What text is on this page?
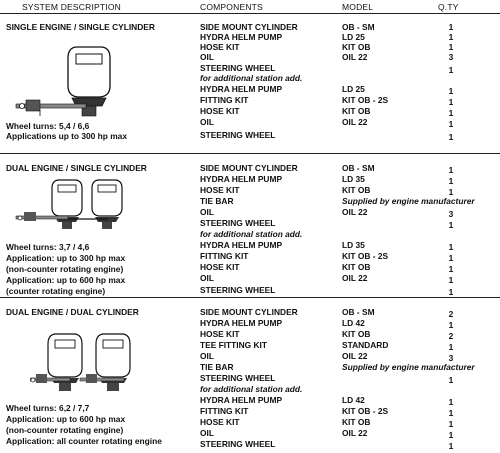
SYSTEM DESCRIPTION	COMPONENTS	MODEL	Q.TY
SINGLE ENGINE / SINGLE CYLINDER
Wheel turns: 5,4 / 6,6
Applications up to 300 hp max
SIDE MOUNT CYLINDER	OB - SM	1
HYDRA HELM PUMP	LD 25	1
HOSE KIT	KIT OB	1
OIL	OIL 22	3
STEERING WHEEL	1
for additional station add.
HYDRA HELM PUMP	LD 25	1
FITTING KIT	KIT OB - 2S	1
HOSE KIT	KIT OB	1
OIL	OIL 22	1
STEERING WHEEL	1
DUAL ENGINE / SINGLE CYLINDER
Wheel turns: 3,7 / 4,6
Application: up to 300 hp max
(non-counter rotating engine)
Application: up to 600 hp max
(counter rotating engine)
SIDE MOUNT CYLINDER	OB - SM	1
HYDRA HELM PUMP	LD 35	1
HOSE KIT	KIT OB	1
TIE BAR	Supplied by engine manufacturer
OIL	OIL 22	3
STEERING WHEEL	1
for additional station add.
HYDRA HELM PUMP	LD 35	1
FITTING KIT	KIT OB - 2S	1
HOSE KIT	KIT OB	1
OIL	OIL 22	1
STEERING WHEEL	1
DUAL ENGINE / DUAL CYLINDER
Wheel turns: 6,2 / 7,7
Application: up to 600 hp max
(non-counter rotating engine)
Application: all counter rotating engine
SIDE MOUNT CYLINDER	OB - SM	2
HYDRA HELM PUMP	LD 42	1
HOSE KIT	KIT OB	2
TEE FITTING KIT	STANDARD	1
OIL	OIL 22	3
TIE BAR	Supplied by engine manufacturer
STEERING WHEEL	1
for additional station add.
HYDRA HELM PUMP	LD 42	1
FITTING KIT	KIT OB - 2S	1
HOSE KIT	KIT OB	1
OIL	OIL 22	1
STEERING WHEEL	1
